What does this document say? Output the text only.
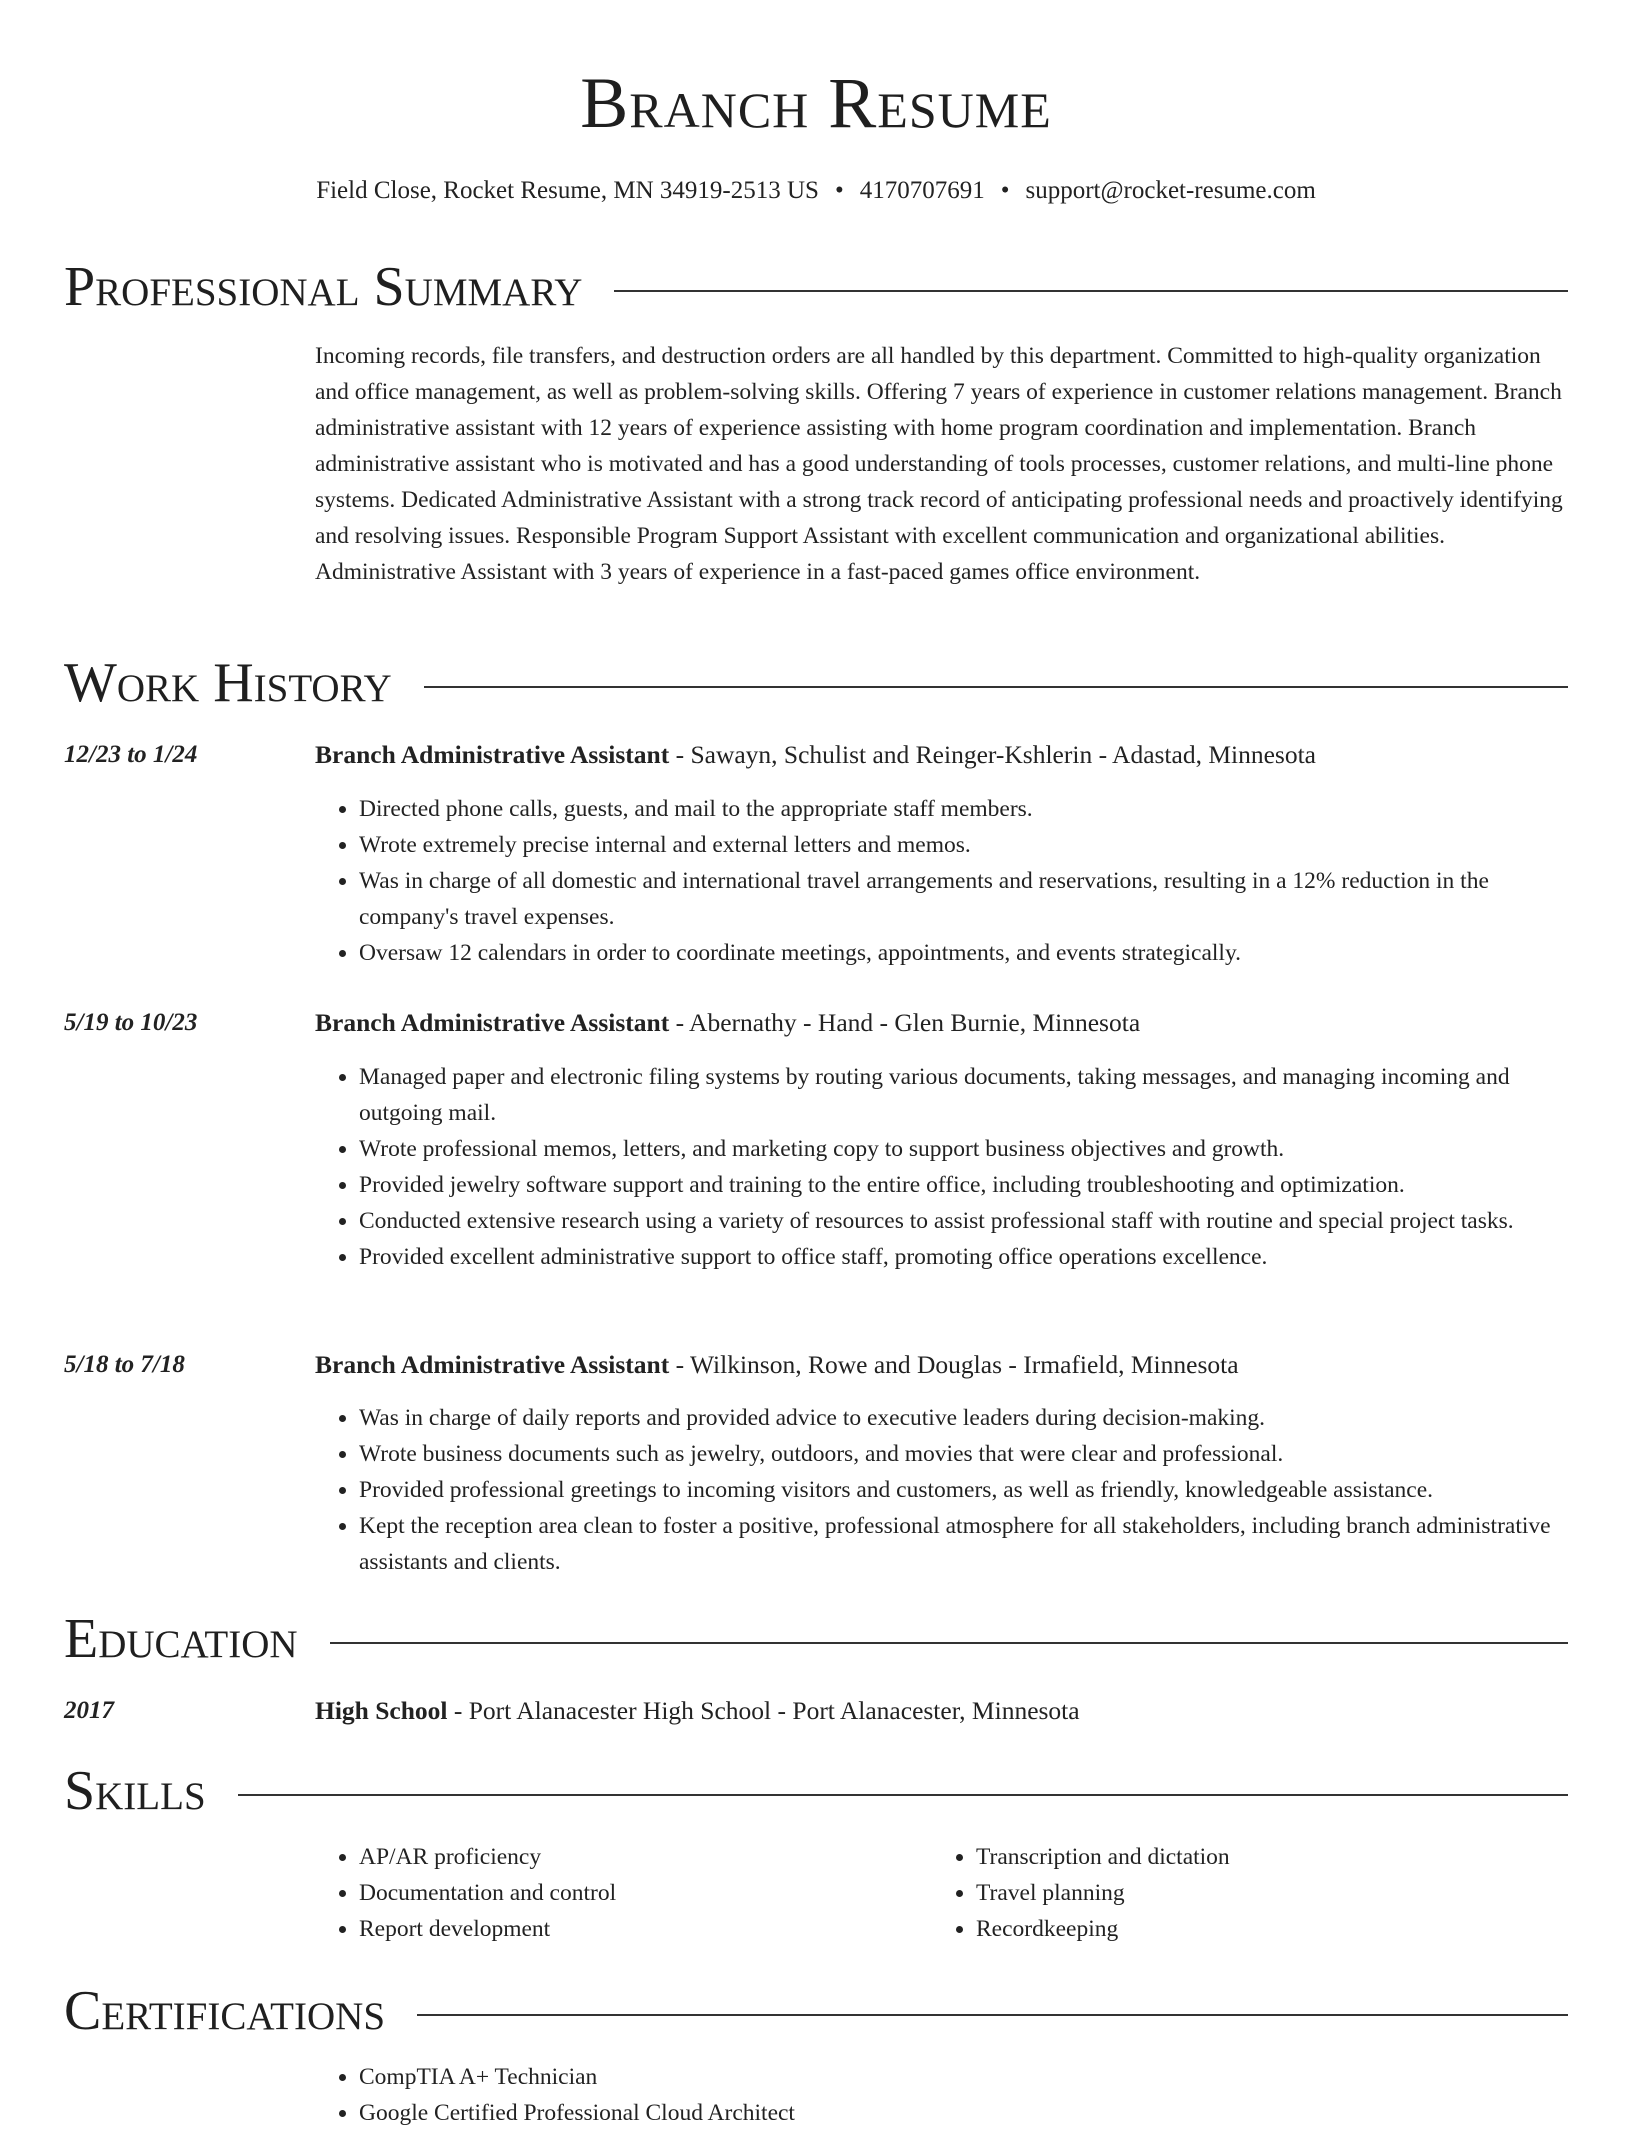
Branch Resume
Field Close, Rocket Resume, MN 34919-2513 US • 4170707691 • support@rocket-resume.com
Professional Summary
Incoming records, file transfers, and destruction orders are all handled by this department. Committed to high-quality organization and office management, as well as problem-solving skills. Offering 7 years of experience in customer relations management. Branch administrative assistant with 12 years of experience assisting with home program coordination and implementation. Branch administrative assistant who is motivated and has a good understanding of tools processes, customer relations, and multi-line phone systems. Dedicated Administrative Assistant with a strong track record of anticipating professional needs and proactively identifying and resolving issues. Responsible Program Support Assistant with excellent communication and organizational abilities. Administrative Assistant with 3 years of experience in a fast-paced games office environment.
Work History
12/23 to 1/24	Branch Administrative Assistant - Sawayn, Schulist and Reinger-Kshlerin - Adastad, Minnesota
• Directed phone calls, guests, and mail to the appropriate staff members.
• Wrote extremely precise internal and external letters and memos.
• Was in charge of all domestic and international travel arrangements and reservations, resulting in a 12% reduction in the company's travel expenses.
• Oversaw 12 calendars in order to coordinate meetings, appointments, and events strategically.
5/19 to 10/23	Branch Administrative Assistant - Abernathy - Hand - Glen Burnie, Minnesota
• Managed paper and electronic filing systems by routing various documents, taking messages, and managing incoming and outgoing mail.
• Wrote professional memos, letters, and marketing copy to support business objectives and growth.
• Provided jewelry software support and training to the entire office, including troubleshooting and optimization.
• Conducted extensive research using a variety of resources to assist professional staff with routine and special project tasks.
• Provided excellent administrative support to office staff, promoting office operations excellence.
5/18 to 7/18	Branch Administrative Assistant - Wilkinson, Rowe and Douglas - Irmafield, Minnesota
• Was in charge of daily reports and provided advice to executive leaders during decision-making.
• Wrote business documents such as jewelry, outdoors, and movies that were clear and professional.
• Provided professional greetings to incoming visitors and customers, as well as friendly, knowledgeable assistance.
• Kept the reception area clean to foster a positive, professional atmosphere for all stakeholders, including branch administrative assistants and clients.
Education
2017	High School - Port Alanacester High School - Port Alanacester, Minnesota
Skills
• AP/AR proficiency
• Documentation and control
• Report development
• Transcription and dictation
• Travel planning
• Recordkeeping
Certifications
• CompTIA A+ Technician
• Google Certified Professional Cloud Architect
